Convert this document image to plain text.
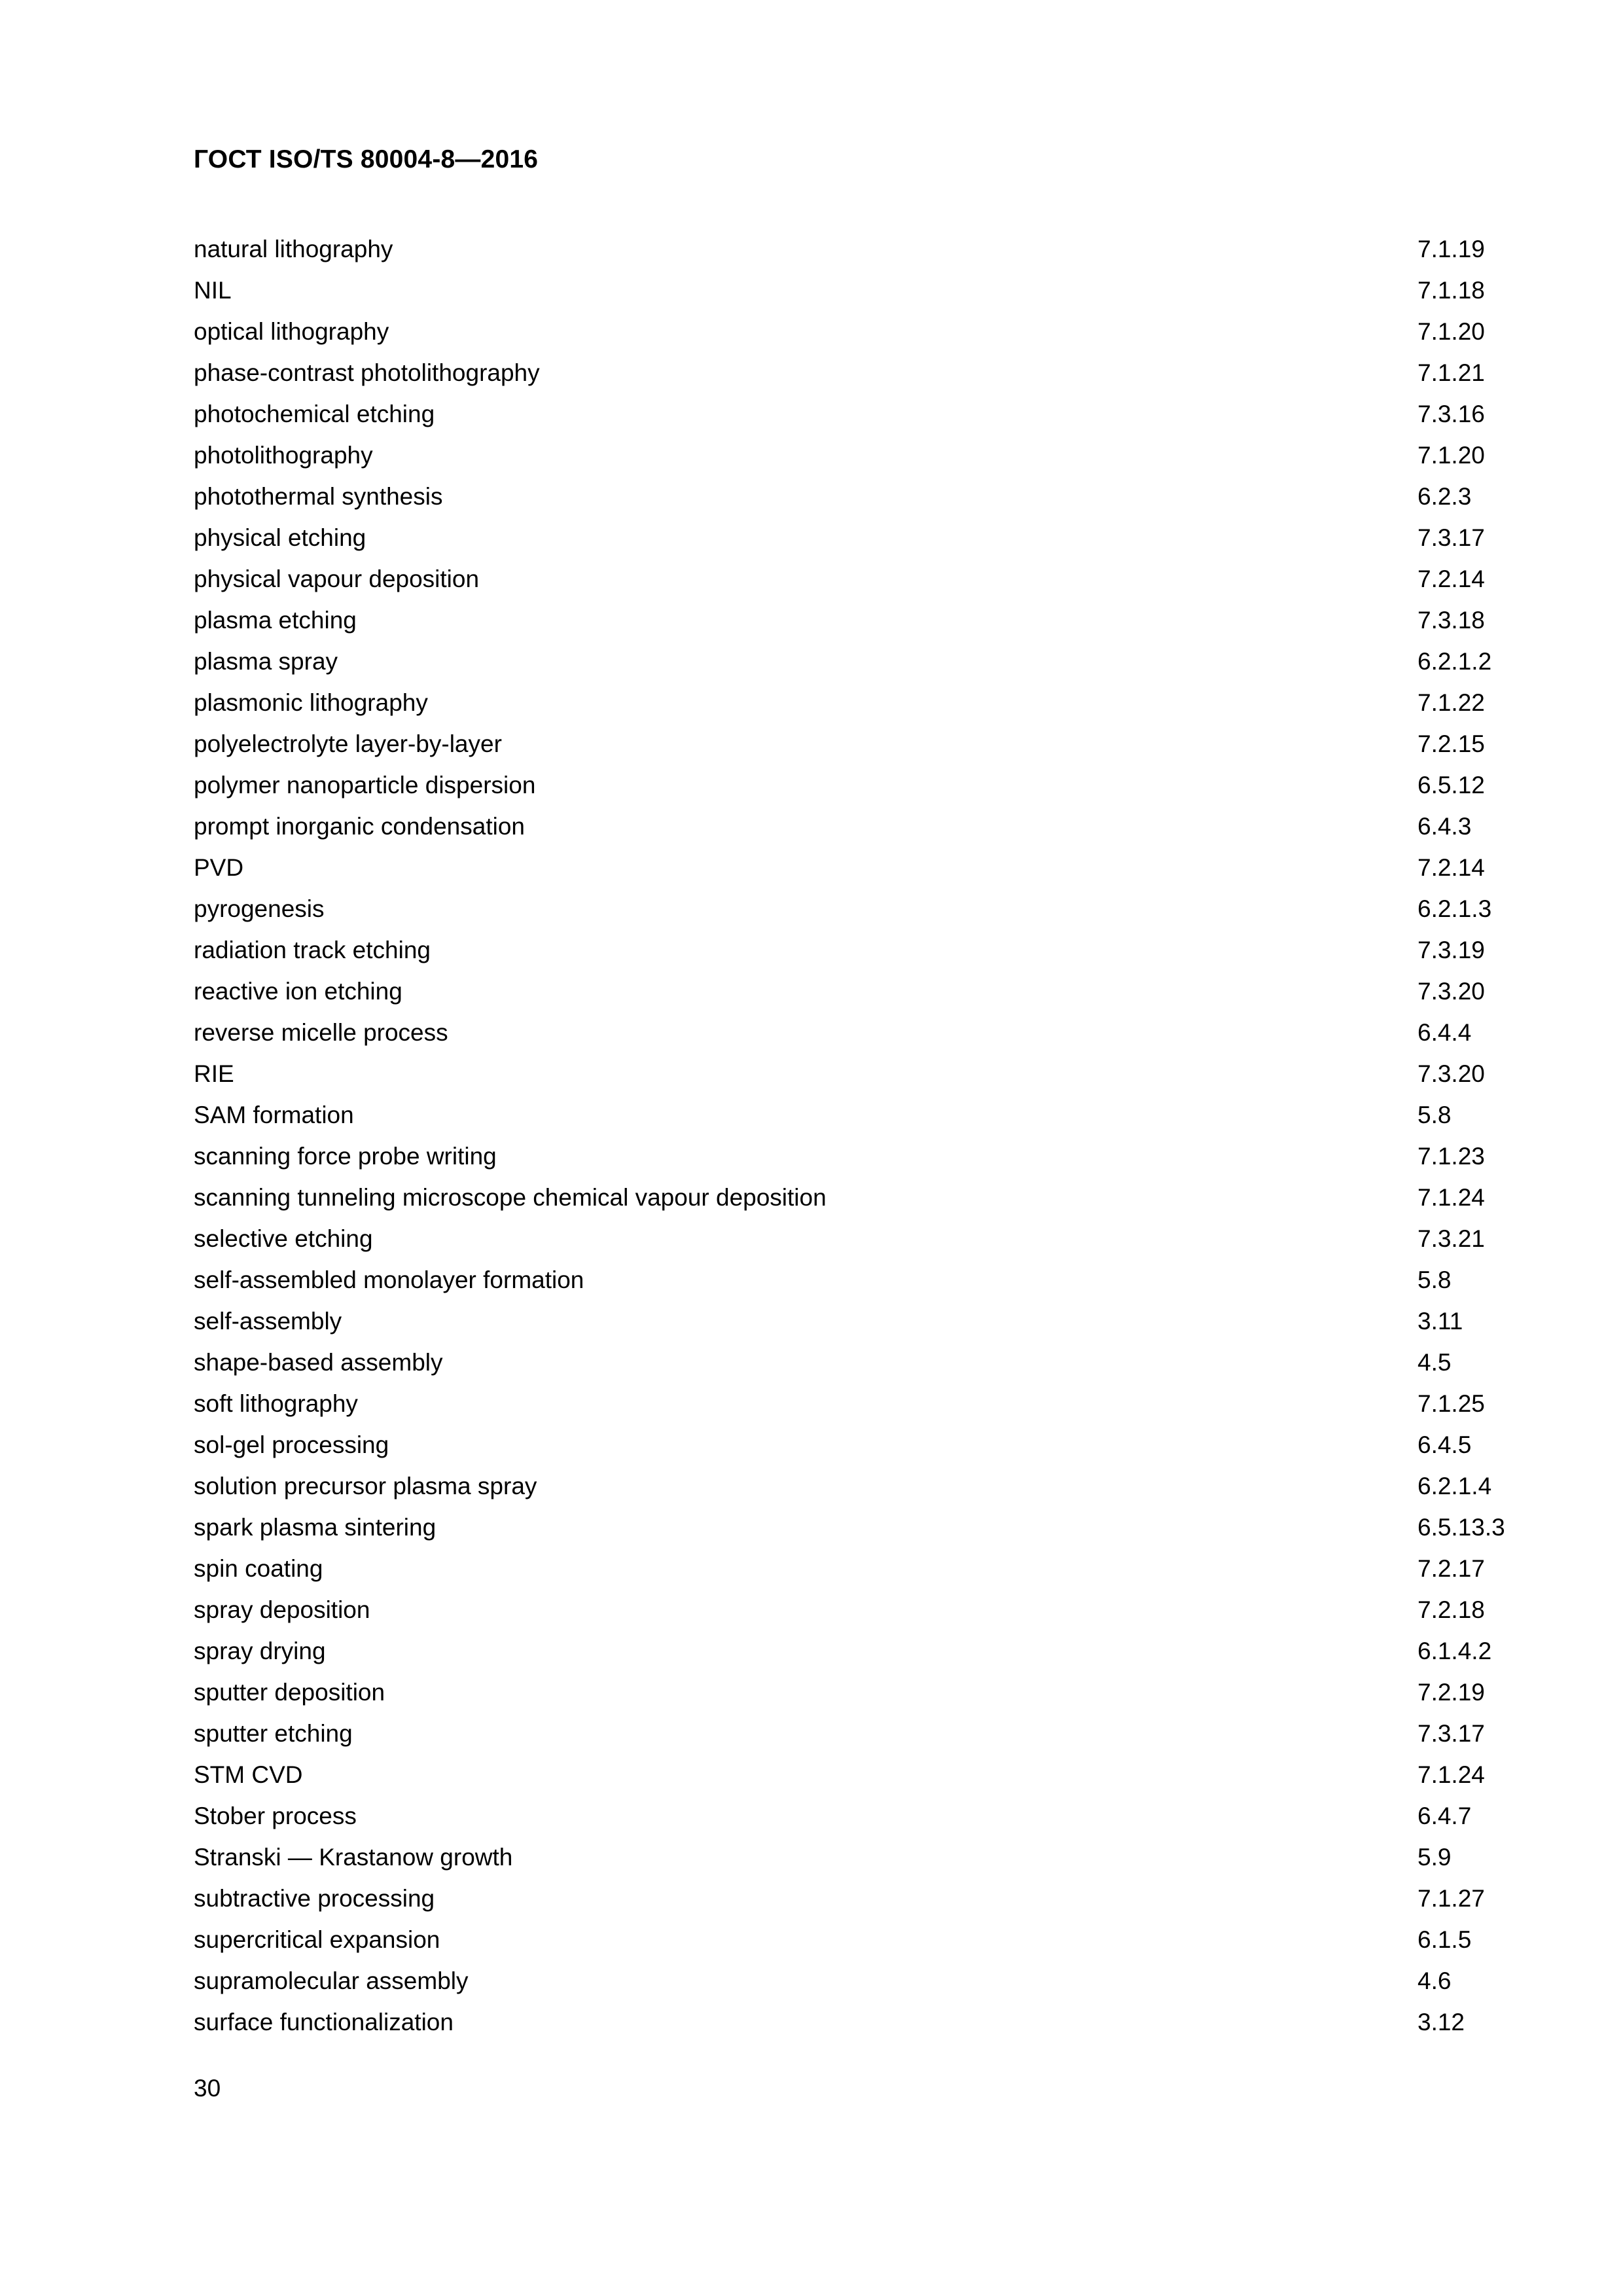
ГОСТ ISO/TS 80004-8—2016
natural lithography	7.1.19
NIL	7.1.18
optical lithography	7.1.20
phase-contrast photolithography	7.1.21
photochemical etching	7.3.16
photolithography	7.1.20
photothermal synthesis	6.2.3
physical etching	7.3.17
physical vapour deposition	7.2.14
plasma etching	7.3.18
plasma spray	6.2.1.2
plasmonic lithography	7.1.22
polyelectrolyte layer-by-layer	7.2.15
polymer nanoparticle dispersion	6.5.12
prompt inorganic condensation	6.4.3
PVD	7.2.14
pyrogenesis	6.2.1.3
radiation track etching	7.3.19
reactive ion etching	7.3.20
reverse micelle process	6.4.4
RIE	7.3.20
SAM formation	5.8
scanning force probe writing	7.1.23
scanning tunneling microscope chemical vapour deposition	7.1.24
selective etching	7.3.21
self-assembled monolayer formation	5.8
self-assembly	3.11
shape-based assembly	4.5
soft lithography	7.1.25
sol-gel processing	6.4.5
solution precursor plasma spray	6.2.1.4
spark plasma sintering	6.5.13.3
spin coating	7.2.17
spray deposition	7.2.18
spray drying	6.1.4.2
sputter deposition	7.2.19
sputter etching	7.3.17
STM CVD	7.1.24
Stober process	6.4.7
Stranski — Krastanow growth	5.9
subtractive processing	7.1.27
supercritical expansion	6.1.5
supramolecular assembly	4.6
surface functionalization	3.12
30
